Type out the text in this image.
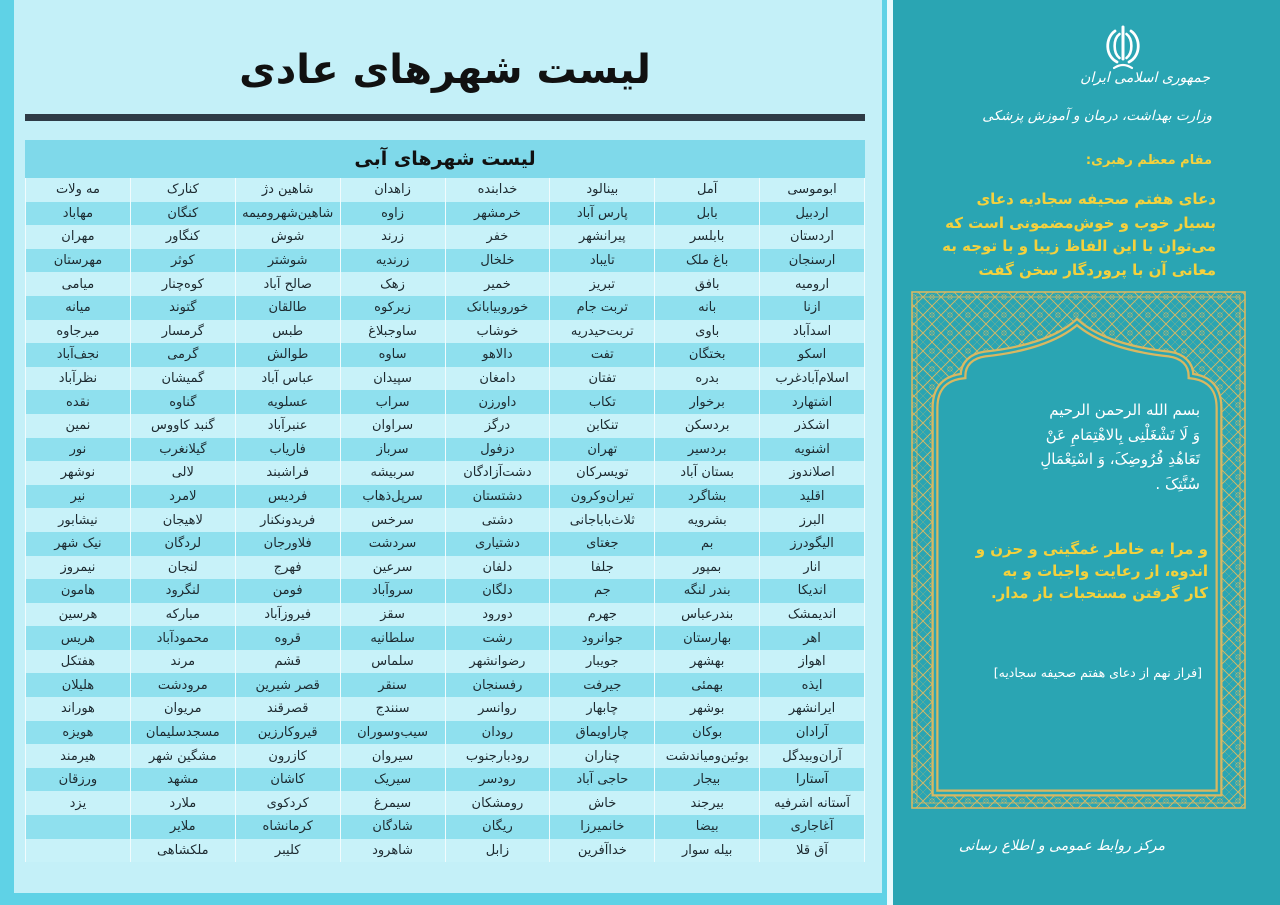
لیست شهرهای عادی
لیست شهرهای آبی
ابوموسی	آمل	بینالود	خدابنده	زاهدان	شاهین دژ	کنارک	مه ولات
اردبیل	بابل	پارس آباد	خرمشهر	زاوه	شاهین‌شهرومیمه	کنگان	مهاباد
اردستان	بابلسر	پیرانشهر	خفر	زرند	شوش	کنگاور	مهران
ارسنجان	باغ ملک	تایباد	خلخال	زرندیه	شوشتر	کوثر	مهرستان
ارومیه	بافق	تبریز	خمیر	زهک	صالح آباد	کوه‌چنار	میامی
ازنا	بانه	تربت جام	خوروبیابانک	زیرکوه	طالقان	گتوند	میانه
اسدآباد	باوی	تربت‌حیدریه	خوشاب	ساوجبلاغ	طبس	گرمسار	میرجاوه
اسکو	بختگان	تفت	دالاهو	ساوه	طوالش	گرمی	نجف‌آباد
اسلام‌آبادغرب	بدره	تفتان	دامغان	سپیدان	عباس آباد	گمیشان	نظرآباد
اشتهارد	برخوار	تکاب	داورزن	سراب	عسلویه	گناوه	نقده
اشکذر	بردسکن	تنکابن	درگز	سراوان	عنبرآباد	گنبد کاووس	نمین
اشنویه	بردسیر	تهران	دزفول	سرباز	فاریاب	گیلانغرب	نور
اصلاندوز	بستان آباد	تویسرکان	دشت‌آزادگان	سربیشه	فراشبند	لالی	نوشهر
اقلید	بشاگرد	تیران‌وکرون	دشتستان	سرپل‌ذهاب	فردیس	لامرد	نیر
البرز	بشرویه	ثلاث‌باباجانی	دشتی	سرخس	فریدونکنار	لاهیجان	نیشابور
الیگودرز	بم	جغتای	دشتیاری	سردشت	فلاورجان	لردگان	نیک شهر
انار	بمپور	جلفا	دلفان	سرعین	فهرج	لنجان	نیمروز
اندیکا	بندر لنگه	جم	دلگان	سروآباد	فومن	لنگرود	هامون
اندیمشک	بندرعباس	جهرم	دورود	سقز	فیروزآباد	مبارکه	هرسین
اهر	بهارستان	جوانرود	رشت	سلطانیه	قروه	محمودآباد	هریس
اهواز	بهشهر	جویبار	رضوانشهر	سلماس	قشم	مرند	هفتکل
ایذه	بهمئی	جیرفت	رفسنجان	سنقر	قصر شیرین	مرودشت	هلیلان
ایرانشهر	بوشهر	چابهار	روانسر	سنندج	قصرقند	مریوان	هوراند
آرادان	بوکان	چاراویماق	رودان	سیب‌وسوران	قیروکارزین	مسجدسلیمان	هویزه
آران‌وبیدگل	بوئین‌ومیاندشت	چناران	رودبارجنوب	سیروان	کازرون	مشگین شهر	هیرمند
آستارا	بیجار	حاجی آباد	رودسر	سیریک	کاشان	مشهد	ورزقان
آستانه اشرفیه	بیرجند	خاش	رومشکان	سیمرغ	کردکوی	ملارد	یزد
آغاجاری	بیضا	خانمیرزا	ریگان	شادگان	کرمانشاه	ملایر	
آق قلا	بیله سوار	خداآفرین	زابل	شاهرود	کلیبر	ملکشاهی	
جمهوری اسلامی ایران
وزارت بهداشت، درمان و آموزش پزشکی
مقام معظم رهبری:
دعای هفتم صحیفه سجادیه دعای
بسیار خوب و خوش‌مضمونی است که
می‌توان با این الفاظ زیبا و با توجه به
معانی آن با پروردگار سخن گفت
بسم الله الرحمن الرحیم
وَ لَا تَشْغَلْنِی بِالاهْتِمَامِ عَنْ
تَعَاهُدِ فُرُوضِکَ، وَ اسْتِعْمَالِ
سُنَّتِکَ .
و مرا به خاطر غمگینی و حزن و
اندوه، از رعایت واجبات و به
کار گرفتن مستحبات باز مدار.
[فراز نهم از دعای هفتم صحیفه سجادیه]
مرکز روابط عمومی و اطلاع رسانی
